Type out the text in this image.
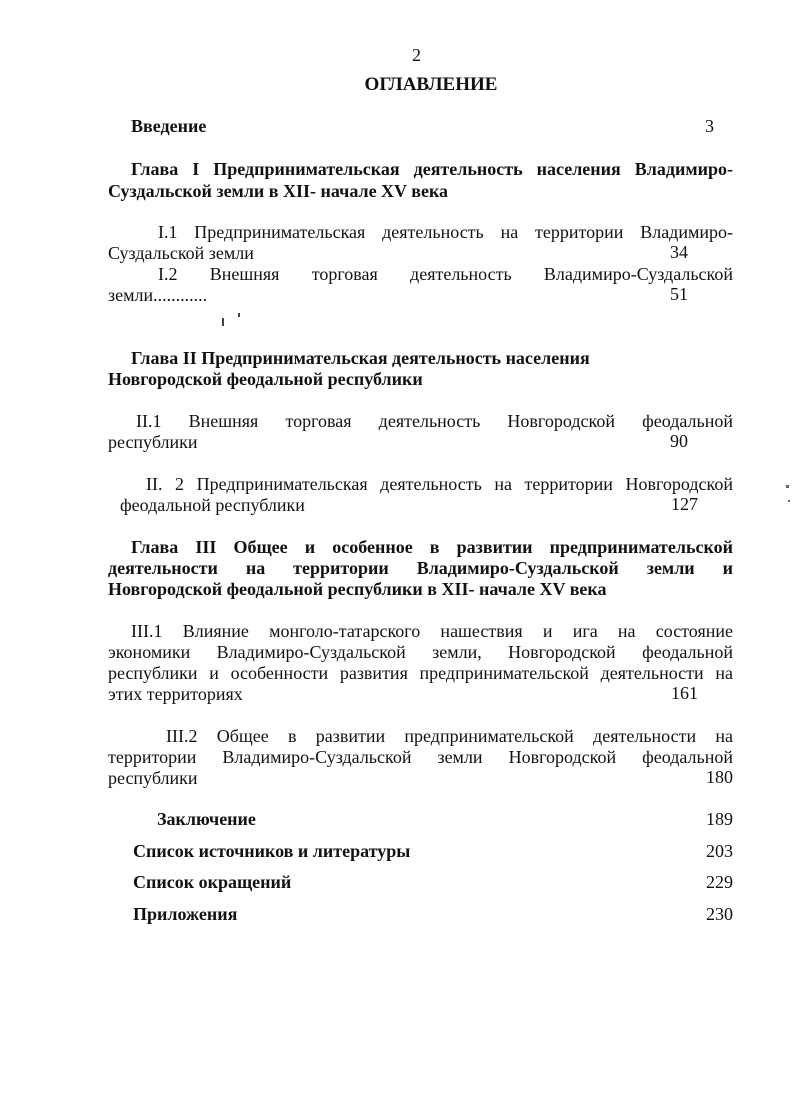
2
ОГЛАВЛЕНИЕ
Введение	3
Глава I Предпринимательская деятельность населения Владимиро-
Суздальской земли в XII- начале XV века
I.1 Предпринимательская деятельность на территории Владимиро-
Суздальской земли	34
I.2 Внешняя торговая деятельность Владимиро-Суздальской
земли............	51
Глава II Предпринимательская деятельность населения
Новгородской феодальной республики
II.1 Внешняя торговая деятельность Новгородской феодальной
республики	90
II. 2 Предпринимательская деятельность на территории Новгородской
феодальной республики	127
Глава III Общее и особенное в развитии предпринимательской
деятельности на территории Владимиро-Суздальской земли и
Новгородской феодальной республики в XII- начале XV века
III.1 Влияние монголо-татарского нашествия и ига на состояние
экономики Владимиро-Суздальской земли, Новгородской феодальной
республики и особенности развития предпринимательской деятельности на
этих территориях	161
III.2 Общее в развитии предпринимательской деятельности на
территории Владимиро-Суздальской земли Новгородской феодальной
республики	180
Заключение	189
Список источников и литературы	203
Список окращений	229
Приложения	230
